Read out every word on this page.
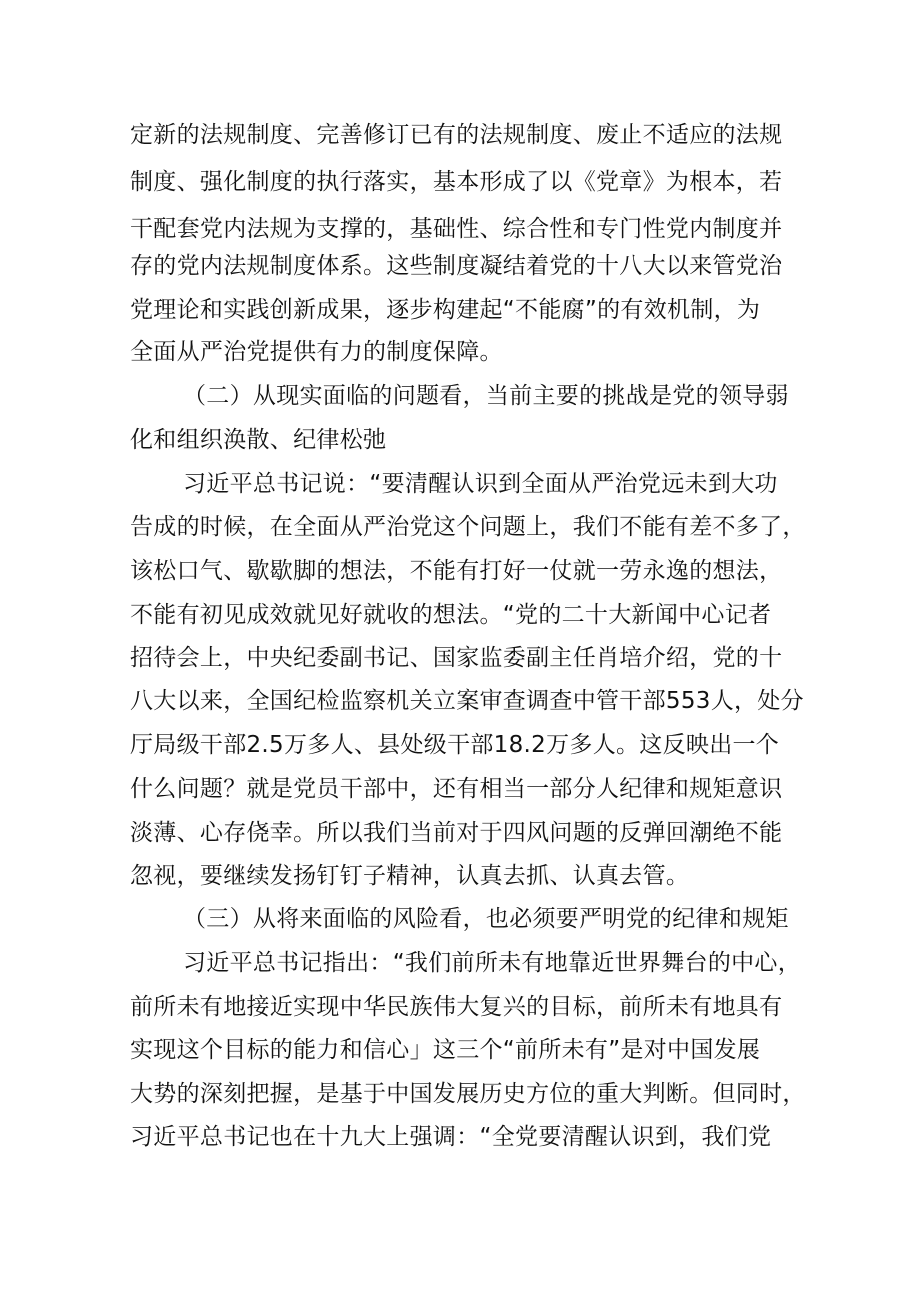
定新的法规制度、完善修订已有的法规制度、废止不适应的法规
制度、强化制度的执行落实，基本形成了以《党章》为根本，若
干配套党内法规为支撑的，基础性、综合性和专门性党内制度并
存的党内法规制度体系。这些制度凝结着党的十八大以来管党治
党理论和实践创新成果，逐步构建起“不能腐”的有效机制，为
全面从严治党提供有力的制度保障。
（二）从现实面临的问题看，当前主要的挑战是党的领导弱
化和组织涣散、纪律松弛
习近平总书记说：“要清醒认识到全面从严治党远未到大功
告成的时候，在全面从严治党这个问题上，我们不能有差不多了，
该松口气、歇歇脚的想法，不能有打好一仗就一劳永逸的想法，
不能有初见成效就见好就收的想法。“党的二十大新闻中心记者
招待会上，中央纪委副书记、国家监委副主任肖培介绍，党的十
八大以来，全国纪检监察机关立案审查调查中管干部553人，处分
厅局级干部2.5万多人、县处级干部18.2万多人。这反映出一个
什么问题？就是党员干部中，还有相当一部分人纪律和规矩意识
淡薄、心存侥幸。所以我们当前对于四风问题的反弹回潮绝不能
忽视，要继续发扬钉钉子精神，认真去抓、认真去管。
（三）从将来面临的风险看，也必须要严明党的纪律和规矩
习近平总书记指出：“我们前所未有地靠近世界舞台的中心，
前所未有地接近实现中华民族伟大复兴的目标，前所未有地具有
实现这个目标的能力和信心」这三个“前所未有”是对中国发展
大势的深刻把握，是基于中国发展历史方位的重大判断。但同时，
习近平总书记也在十九大上强调：“全党要清醒认识到，我们党
